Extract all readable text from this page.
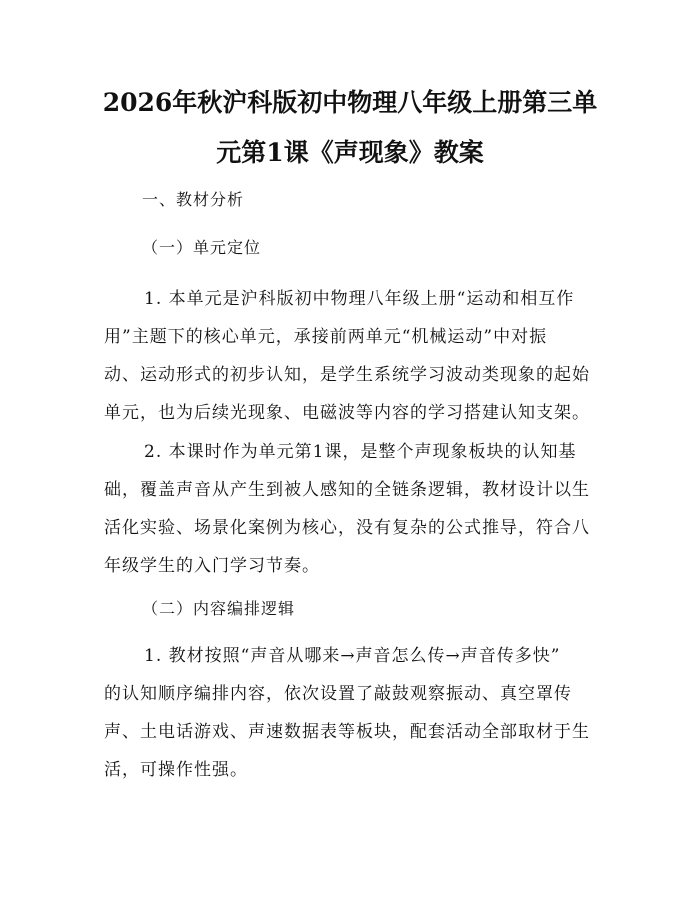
2026年秋沪科版初中物理八年级上册第三单
元第1课《声现象》教案
一、教材分析
（一）单元定位
1. 本单元是沪科版初中物理八年级上册“运动和相互作
用”主题下的核心单元，承接前两单元“机械运动”中对振
动、运动形式的初步认知，是学生系统学习波动类现象的起始
单元，也为后续光现象、电磁波等内容的学习搭建认知支架。
2. 本课时作为单元第1课，是整个声现象板块的认知基
础，覆盖声音从产生到被人感知的全链条逻辑，教材设计以生
活化实验、场景化案例为核心，没有复杂的公式推导，符合八
年级学生的入门学习节奏。
（二）内容编排逻辑
1. 教材按照“声音从哪来→声音怎么传→声音传多快”
的认知顺序编排内容，依次设置了敲鼓观察振动、真空罩传
声、土电话游戏、声速数据表等板块，配套活动全部取材于生
活，可操作性强。
